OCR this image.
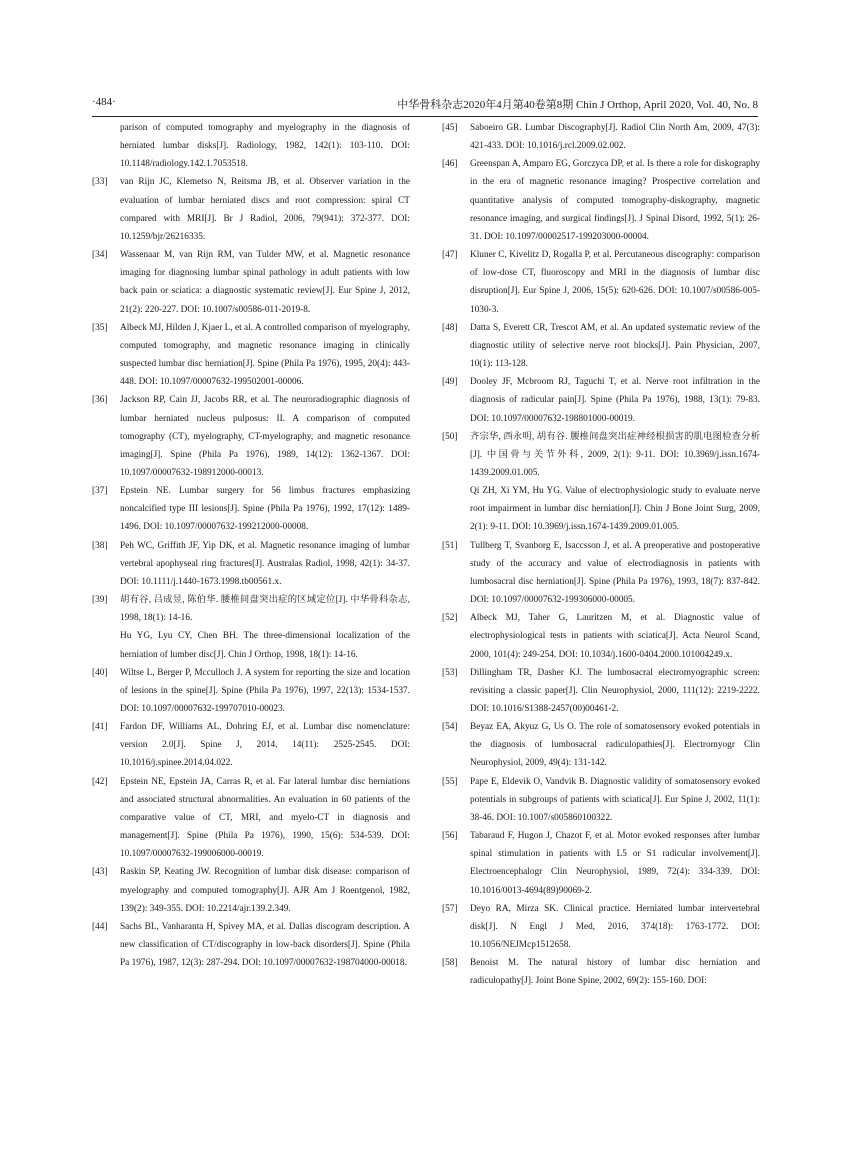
·484·	中华骨科杂志2020年4月第40卷第8期 Chin J Orthop, April 2020, Vol. 40, No. 8
parison of computed tomography and myelography in the diagnosis of herniated lumbar disks[J]. Radiology, 1982, 142(1): 103-110. DOI: 10.1148/radiology.142.1.7053518.
[33] van Rijn JC, Klemetso N, Reitsma JB, et al. Observer variation in the evaluation of lumbar herniated discs and root compression: spiral CT compared with MRI[J]. Br J Radiol, 2006, 79(941): 372-377. DOI: 10.1259/bjr/26216335.
[34] Wassenaar M, van Rijn RM, van Tulder MW, et al. Magnetic resonance imaging for diagnosing lumbar spinal pathology in adult patients with low back pain or sciatica: a diagnostic systematic review[J]. Eur Spine J, 2012, 21(2): 220-227. DOI: 10.1007/s00586-011-2019-8.
[35] Albeck MJ, Hilden J, Kjaer L, et al. A controlled comparison of myelography, computed tomography, and magnetic resonance imaging in clinically suspected lumbar disc herniation[J]. Spine (Phila Pa 1976), 1995, 20(4): 443-448. DOI: 10.1097/00007632-199502001-00006.
[36] Jackson RP, Cain JJ, Jacobs RR, et al. The neuroradiographic diagnosis of lumbar herniated nucleus pulposus: II. A comparison of computed tomography (CT), myelography, CT-myelography, and magnetic resonance imaging[J]. Spine (Phila Pa 1976), 1989, 14(12): 1362-1367. DOI: 10.1097/00007632-198912000-00013.
[37] Epstein NE. Lumbar surgery for 56 limbus fractures emphasizing noncalcified type III lesions[J]. Spine (Phila Pa 1976), 1992, 17(12): 1489-1496. DOI: 10.1097/00007632-199212000-00008.
[38] Peh WC, Griffith JF, Yip DK, et al. Magnetic resonance imaging of lumbar vertebral apophyseal ring fractures[J]. Australas Radiol, 1998, 42(1): 34-37. DOI: 10.1111/j.1440-1673.1998.tb00561.x.
[39] 胡有谷, 吕成昱, 陈伯华. 腰椎间盘突出症的区域定位[J]. 中华骨科杂志, 1998, 18(1): 14-16.
Hu YG, Lyu CY, Chen BH. The three-dimensional localization of the herniation of lumber disc[J]. Chin J Orthop, 1998, 18(1): 14-16.
[40] Wiltse L, Berger P, Mcculloch J. A system for reporting the size and location of lesions in the spine[J]. Spine (Phila Pa 1976), 1997, 22(13): 1534-1537. DOI: 10.1097/00007632-199707010-00023.
[41] Fardon DF, Williams AL, Dohring EJ, et al. Lumbar disc nomenclature: version 2.0[J]. Spine J, 2014, 14(11): 2525-2545. DOI: 10.1016/j.spinee.2014.04.022.
[42] Epstein NE, Epstein JA, Carras R, et al. Far lateral lumbar disc herniations and associated structural abnormalities. An evaluation in 60 patients of the comparative value of CT, MRI, and myelo-CT in diagnosis and management[J]. Spine (Phila Pa 1976), 1990, 15(6): 534-539. DOI: 10.1097/00007632-199006000-00019.
[43] Raskin SP, Keating JW. Recognition of lumbar disk disease: comparison of myelography and computed tomography[J]. AJR Am J Roentgenol, 1982, 139(2): 349-355. DOI: 10.2214/ajr.139.2.349.
[44] Sachs BL, Vanharanta H, Spivey MA, et al. Dallas discogram description. A new classification of CT/discography in low-back disorders[J]. Spine (Phila Pa 1976), 1987, 12(3): 287-294. DOI: 10.1097/00007632-198704000-00018.
[45] Saboeiro GR. Lumbar Discography[J]. Radiol Clin North Am, 2009, 47(3): 421-433. DOI: 10.1016/j.rcl.2009.02.002.
[46] Greenspan A, Amparo EG, Gorczyca DP, et al. Is there a role for diskography in the era of magnetic resonance imaging? Prospective correlation and quantitative analysis of computed tomography-diskography, magnetic resonance imaging, and surgical findings[J]. J Spinal Disord, 1992, 5(1): 26-31. DOI: 10.1097/00002517-199203000-00004.
[47] Kluner C, Kivelitz D, Rogalla P, et al. Percutaneous discography: comparison of low-dose CT, fluoroscopy and MRI in the diagnosis of lumbar disc disruption[J]. Eur Spine J, 2006, 15(5): 620-626. DOI: 10.1007/s00586-005-1030-3.
[48] Datta S, Everett CR, Trescot AM, et al. An updated systematic review of the diagnostic utility of selective nerve root blocks[J]. Pain Physician, 2007, 10(1): 113-128.
[49] Dooley JF, Mcbroom RJ, Taguchi T, et al. Nerve root infiltration in the diagnosis of radicular pain[J]. Spine (Phila Pa 1976), 1988, 13(1): 79-83. DOI: 10.1097/00007632-198801000-00019.
[50] 齐宗华, 西永明, 胡有谷. 腰椎间盘突出症神经根损害的肌电图检查分析[J]. 中国骨与关节外科, 2009, 2(1): 9-11. DOI: 10.3969/j.issn.1674-1439.2009.01.005.
Qi ZH, Xi YM, Hu YG. Value of electrophysiologic study to evaluate nerve root impairment in lumbar disc herniation[J]. Chin J Bone Joint Surg, 2009, 2(1): 9-11. DOI: 10.3969/j.issn.1674-1439.2009.01.005.
[51] Tullberg T, Svanborg E, Isaccsson J, et al. A preoperative and postoperative study of the accuracy and value of electrodiagnosis in patients with lumbosacral disc herniation[J]. Spine (Phila Pa 1976), 1993, 18(7): 837-842. DOI: 10.1097/00007632-199306000-00005.
[52] Albeck MJ, Taher G, Lauritzen M, et al. Diagnostic value of electrophysiological tests in patients with sciatica[J]. Acta Neurol Scand, 2000, 101(4): 249-254. DOI: 10.1034/j.1600-0404.2000.101004249.x.
[53] Dillingham TR, Dasher KJ. The lumbosacral electromyographic screen: revisiting a classic paper[J]. Clin Neurophysiol, 2000, 111(12): 2219-2222. DOI: 10.1016/S1388-2457(00)00461-2.
[54] Beyaz EA, Akyuz G, Us O. The role of somatosensory evoked potentials in the diagnosis of lumbosacral radiculopathies[J]. Electromyogr Clin Neurophysiol, 2009, 49(4): 131-142.
[55] Pape E, Eldevik O, Vandvik B. Diagnostic validity of somatosensory evoked potentials in subgroups of patients with sciatica[J]. Eur Spine J, 2002, 11(1): 38-46. DOI: 10.1007/s005860100322.
[56] Tabaraud F, Hugon J, Chazot F, et al. Motor evoked responses after lumbar spinal stimulation in patients with L5 or S1 radicular involvement[J]. Electroencephalogr Clin Neurophysiol, 1989, 72(4): 334-339. DOI: 10.1016/0013-4694(89)90069-2.
[57] Deyo RA, Mirza SK. Clinical practice. Herniated lumbar intervertebral disk[J]. N Engl J Med, 2016, 374(18): 1763-1772. DOI: 10.1056/NEJMcp1512658.
[58] Benoist M. The natural history of lumbar disc herniation and radiculopathy[J]. Joint Bone Spine, 2002, 69(2): 155-160. DOI:
